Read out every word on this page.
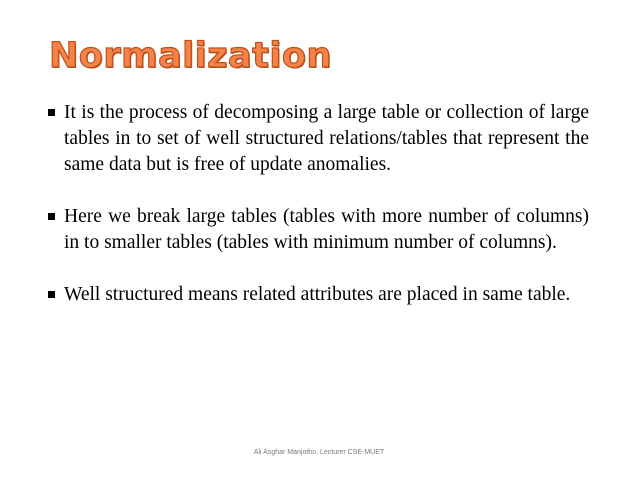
Normalization
It is the process of decomposing a large table or collection of large tables in to set of well structured relations/tables that represent the same data but is free of update anomalies.
Here we break large tables (tables with more number of columns) in to smaller tables (tables with minimum number of columns).
Well structured means related attributes are placed in same table.
Ali Asghar Manjotho, Lecturer CSE-MUET
